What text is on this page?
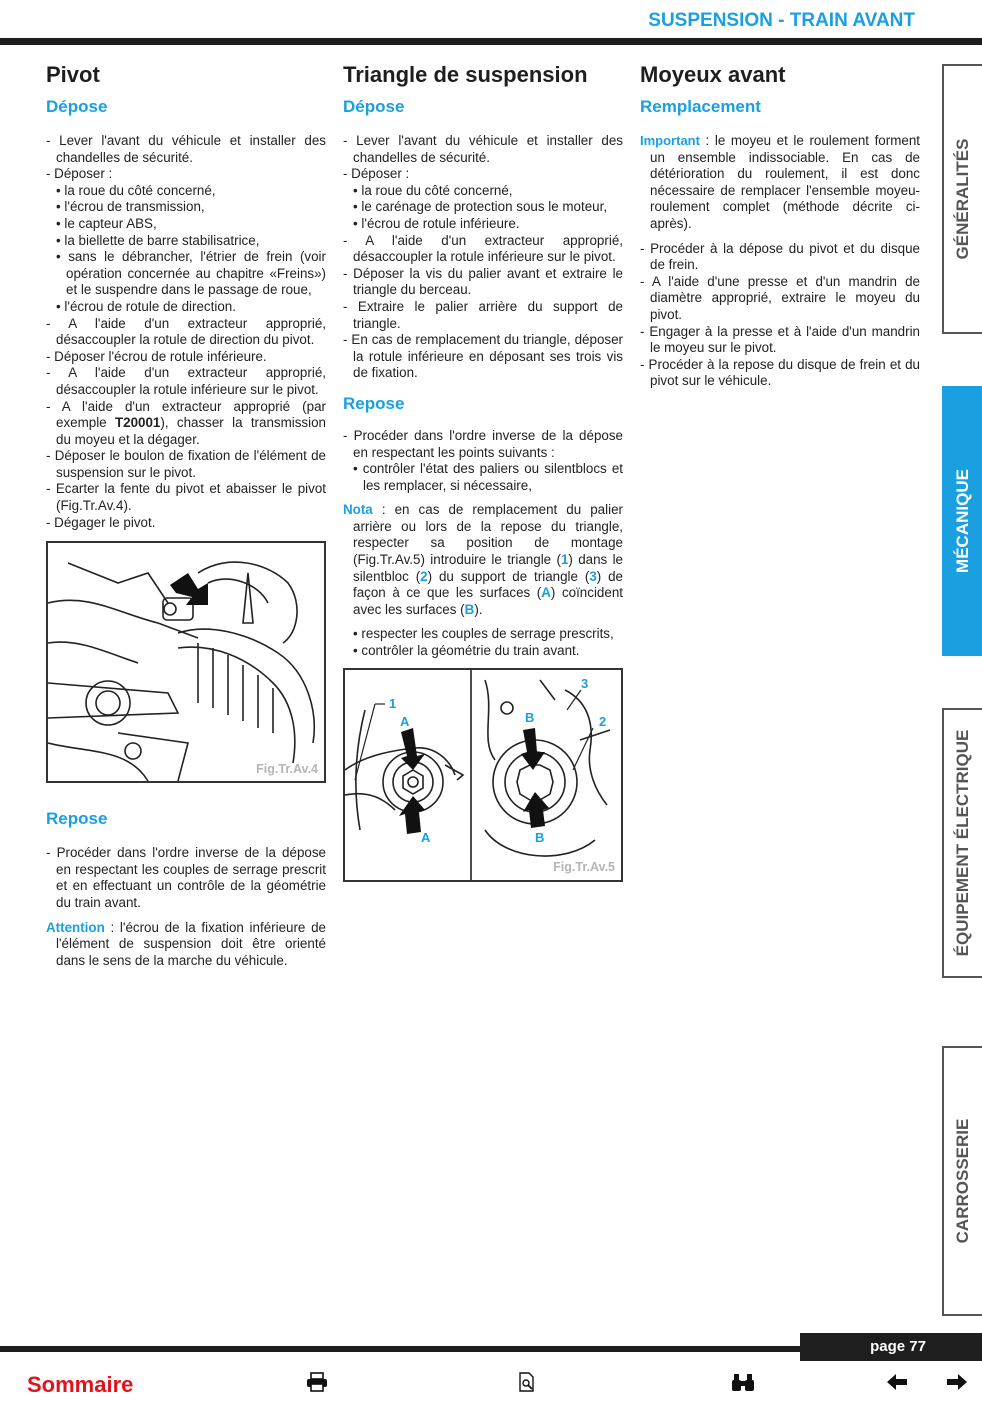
SUSPENSION - TRAIN AVANT
Pivot
Dépose
- Lever l'avant du véhicule et installer des chandelles de sécurité.
- Déposer :
• la roue du côté concerné,
• l'écrou de transmission,
• le capteur ABS,
• la biellette de barre stabilisatrice,
• sans le débrancher, l'étrier de frein (voir opération concernée au chapitre «Freins») et le suspendre dans le passage de roue,
• l'écrou de rotule de direction.
- A l'aide d'un extracteur approprié, désaccoupler la rotule de direction du pivot.
- Déposer l'écrou de rotule inférieure.
- A l'aide d'un extracteur approprié, désaccoupler la rotule inférieure sur le pivot.
- A l'aide d'un extracteur approprié (par exemple T20001), chasser la transmission du moyeu et la dégager.
- Déposer le boulon de fixation de l'élément de suspension sur le pivot.
- Ecarter la fente du pivot et abaisser le pivot (Fig.Tr.Av.4).
- Dégager le pivot.
Fig.Tr.Av.4
Repose
- Procéder dans l'ordre inverse de la dépose en respectant les couples de serrage prescrit et en effectuant un contrôle de la géométrie du train avant.
Attention : l'écrou de la fixation inférieure de l'élément de suspension doit être orienté dans le sens de la marche du véhicule.
Triangle de suspension
Dépose
- Lever l'avant du véhicule et installer des chandelles de sécurité.
- Déposer :
• la roue du côté concerné,
• le carénage de protection sous le moteur,
• l'écrou de rotule inférieure.
- A l'aide d'un extracteur approprié, désaccoupler la rotule inférieure sur le pivot.
- Déposer la vis du palier avant et extraire le triangle du berceau.
- Extraire le palier arrière du support de triangle.
- En cas de remplacement du triangle, déposer la rotule inférieure en déposant ses trois vis de fixation.
Repose
- Procéder dans l'ordre inverse de la dépose en respectant les points suivants :
• contrôler l'état des paliers ou silentblocs et les remplacer, si nécessaire,
Nota : en cas de remplacement du palier arrière ou lors de la repose du triangle, respecter sa position de montage (Fig.Tr.Av.5) introduire le triangle (1) dans le silentbloc (2) du support de triangle (3) de façon à ce que les surfaces (A) coïncident avec les surfaces (B).
• respecter les couples de serrage prescrits,
• contrôler la géométrie du train avant.
1
A
A
3
B	2
B
Fig.Tr.Av.5
Moyeux avant
Remplacement
Important : le moyeu et le roulement forment un ensemble indissociable. En cas de détérioration du roulement, il est donc nécessaire de remplacer l'ensemble moyeu-roulement complet (méthode décrite ci-après).
- Procéder à la dépose du pivot et du disque de frein.
- A l'aide d'une presse et d'un mandrin de diamètre approprié, extraire le moyeu du pivot.
- Engager à la presse et à l'aide d'un mandrin le moyeu sur le pivot.
- Procéder à la repose du disque de frein et du pivot sur le véhicule.
GÉNÉRALITÉS
MÉCANIQUE
ÉQUIPEMENT ÉLECTRIQUE
CARROSSERIE
page 77
Sommaire
